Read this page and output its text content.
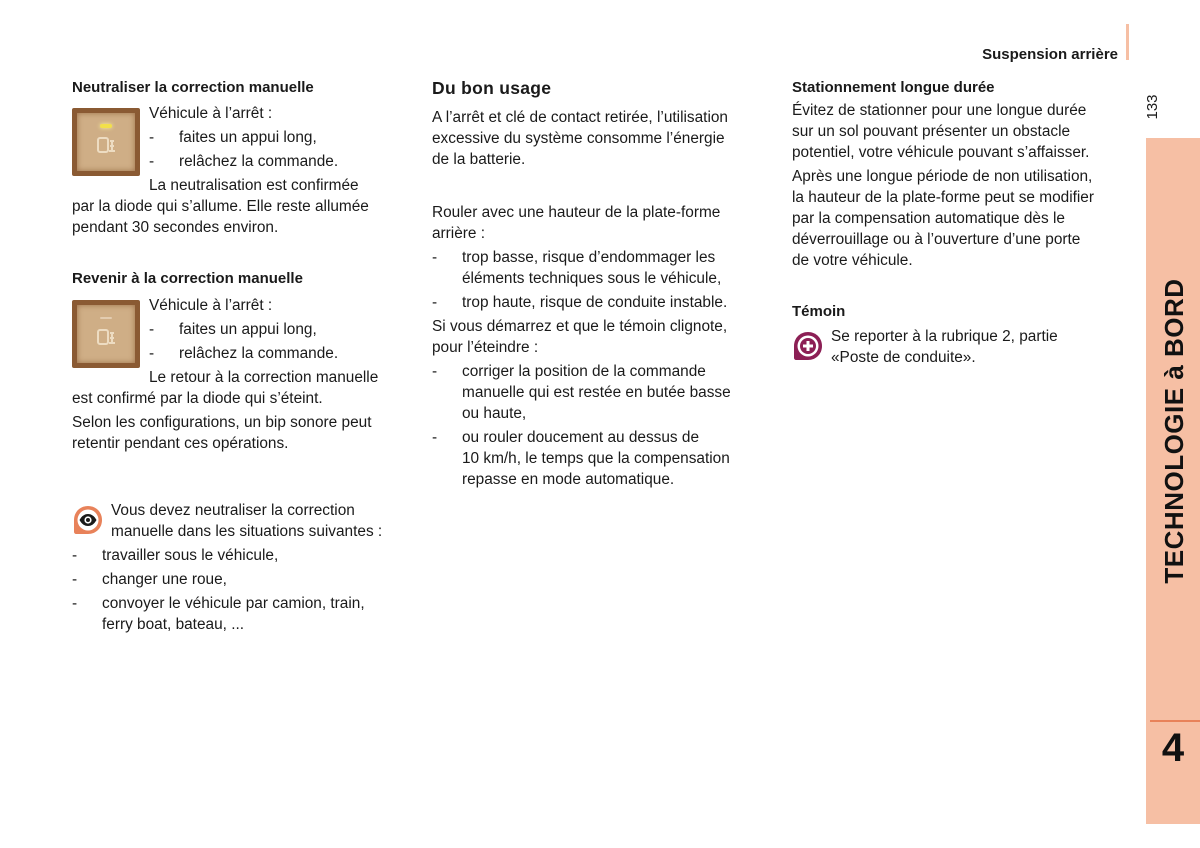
Suspension arrière
133
TECHNOLOGIE à BORD
4
Neutraliser la correction manuelle
Véhicule à l’arrêt :
- faites un appui long,
- relâchez la commande.
La neutralisation est confirmée
par la diode qui s’allume. Elle reste allumée
pendant 30 secondes environ.
Revenir à la correction manuelle
Véhicule à l’arrêt :
- faites un appui long,
- relâchez la commande.
Le retour à la correction manuelle
est confirmé par la diode qui s’éteint.
Selon les configurations, un bip sonore peut
retentir pendant ces opérations.
Vous devez neutraliser la correction
manuelle dans les situations suivantes :
- travailler sous le véhicule,
- changer une roue,
- convoyer le véhicule par camion, train,
ferry boat, bateau, ...
Du bon usage
A l’arrêt et clé de contact retirée, l’utilisation
excessive du système consomme l’énergie
de la batterie.
Rouler avec une hauteur de la plate-forme
arrière :
- trop basse, risque d’endommager les
éléments techniques sous le véhicule,
- trop haute, risque de conduite instable.
Si vous démarrez et que le témoin clignote,
pour l’éteindre :
- corriger la position de la commande
manuelle qui est restée en butée basse
ou haute,
- ou rouler doucement au dessus de
10 km/h, le temps que la compensation
repasse en mode automatique.
Stationnement longue durée
Évitez de stationner pour une longue durée
sur un sol pouvant présenter un obstacle
potentiel, votre véhicule pouvant s’affaisser.
Après une longue période de non utilisation,
la hauteur de la plate-forme peut se modifier
par la compensation automatique dès le
déverrouillage ou à l’ouverture d’une porte
de votre véhicule.
Témoin
Se reporter à la rubrique 2, partie
«Poste de conduite».
